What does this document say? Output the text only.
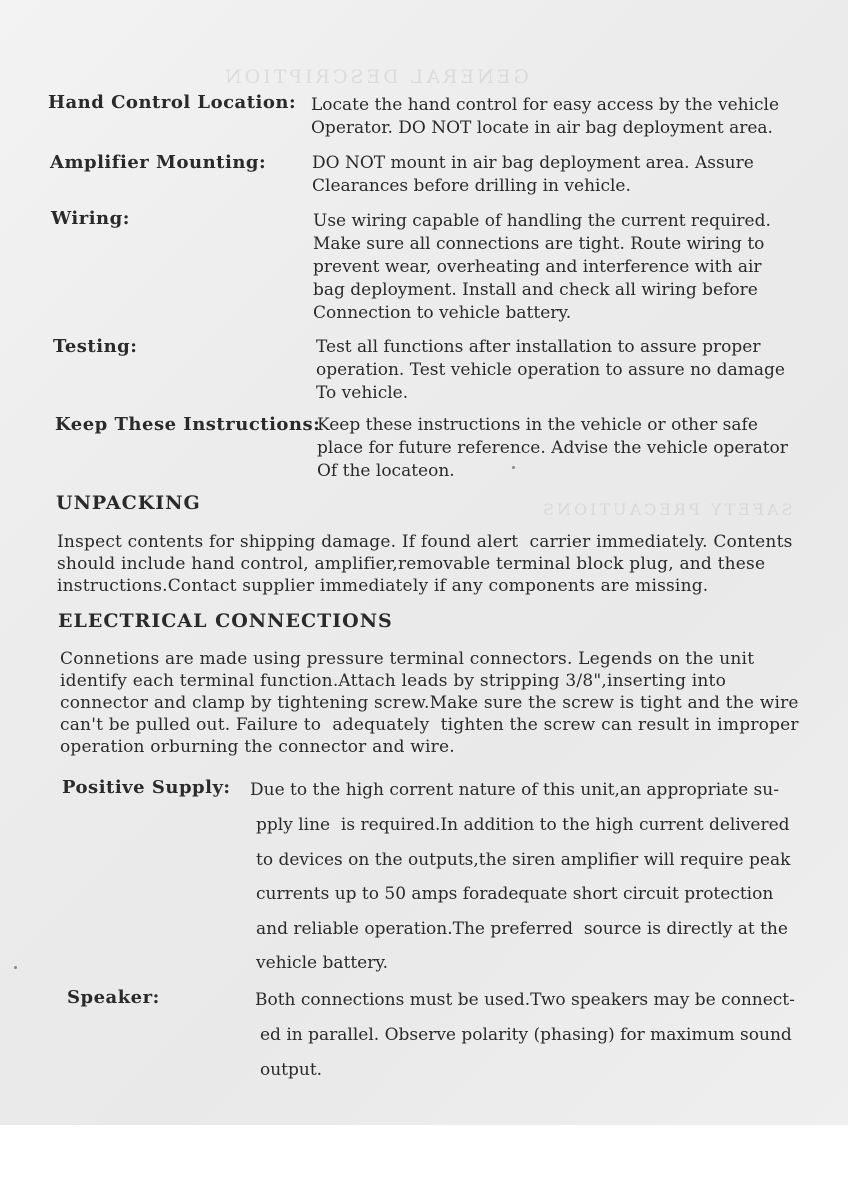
GENERAL DESCRIPTION
SAFETY PRECAUTIONS
Hand Control Location: Locate the hand control for easy access by the vehicle
Operator. DO NOT locate in air bag deployment area.
Amplifier Mounting:	DO NOT mount in air bag deployment area. Assure
Clearances before drilling in vehicle.
Wiring:	Use wiring capable of handling the current required.
Make sure all connections are tight. Route wiring to
prevent wear, overheating and interference with air
bag deployment. Install and check all wiring before
Connection to vehicle battery.
Testing:	Test all functions after installation to assure proper
operation. Test vehicle operation to assure no damage
To vehicle.
Keep These Instructions:
Keep these instructions in the vehicle or other safe
place for future reference. Advise the vehicle operator
Of the locateon.
UNPACKING
Inspect contents for shipping damage. If found alert  carrier immediately. Contents
should include hand control, amplifier,removable terminal block plug, and these
instructions.Contact supplier immediately if any components are missing.
ELECTRICAL CONNECTIONS
Connetions are made using pressure terminal connectors. Legends on the unit
identify each terminal function.Attach leads by stripping 3/8",inserting into
connector and clamp by tightening screw.Make sure the screw is tight and the wire
can't be pulled out. Failure to  adequately  tighten the screw can result in improper
operation orburning the connector and wire.
Positive Supply: Due to the high corrent nature of this unit,an appropriate su-
pply line  is required.In addition to the high current delivered
to devices on the outputs,the siren amplifier will require peak
currents up to 50 amps foradequate short circuit protection
and reliable operation.The preferred  source is directly at the
vehicle battery.
Speaker:	Both connections must be used.Two speakers may be connect-
ed in parallel. Observe polarity (phasing) for maximum sound
output.
